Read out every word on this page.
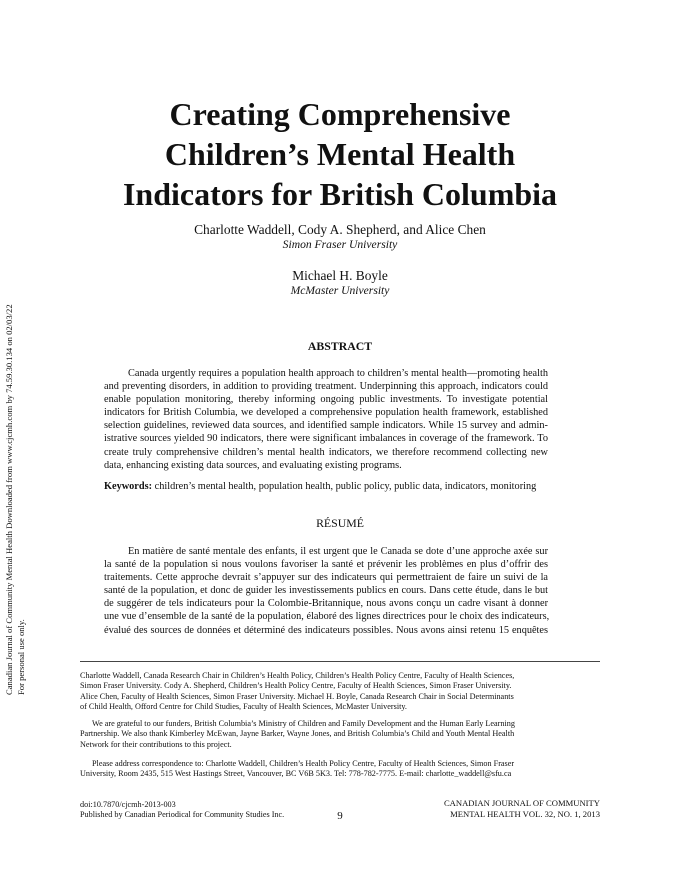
Canadian Journal of Community Mental Health Downloaded from www.cjcmh.com by 74.59.30.134 on 02/03/22 For personal use only.
Creating Comprehensive
Children’s Mental Health
Indicators for British Columbia
Charlotte Waddell, Cody A. Shepherd, and Alice Chen
Simon Fraser University
Michael H. Boyle
McMaster University
ABSTRACT

Canada urgently requires a population health approach to children’s mental health—promoting health
and preventing disorders, in addition to providing treatment. Underpinning this approach, indicators could
enable population monitoring, thereby informing ongoing public investments. To investigate potential
indicators for British Columbia, we developed a comprehensive population health framework, established
selection guidelines, reviewed data sources, and identified sample indicators. While 15 survey and admin-
istrative sources yielded 90 indicators, there were significant imbalances in coverage of the framework. To
create truly comprehensive children’s mental health indicators, we therefore recommend collecting new
data, enhancing existing data sources, and evaluating existing programs.

Keywords: children’s mental health, population health, public policy, public data, indicators, monitoring

RÉSUMÉ

En matière de santé mentale des enfants, il est urgent que le Canada se dote d’une approche axée sur
la santé de la population si nous voulons favoriser la santé et prévenir les problèmes en plus d’offrir des
traitements. Cette approche devrait s’appuyer sur des indicateurs qui permettraient de faire un suivi de la
santé de la population, et donc de guider les investissements publics en cours. Dans cette étude, dans le but
de suggérer de tels indicateurs pour la Colombie-Britannique, nous avons conçu un cadre visant à donner
une vue d’ensemble de la santé de la population, élaboré des lignes directrices pour le choix des indicateurs,
évalué des sources de données et déterminé des indicateurs possibles. Nous avons ainsi retenu 15 enquêtes

Charlotte Waddell, Canada Research Chair in Children’s Health Policy, Children’s Health Policy Centre, Faculty of Health Sciences,
Simon Fraser University. Cody A. Shepherd, Children’s Health Policy Centre, Faculty of Health Sciences, Simon Fraser University.
Alice Chen, Faculty of Health Sciences, Simon Fraser University. Michael H. Boyle, Canada Research Chair in Social Determinants
of Child Health, Offord Centre for Child Studies, Faculty of Health Sciences, McMaster University.

We are grateful to our funders, British Columbia’s Ministry of Children and Family Development and the Human Early Learning
Partnership. We also thank Kimberley McEwan, Jayne Barker, Wayne Jones, and British Columbia’s Child and Youth Mental Health
Network for their contributions to this project.

Please address correspondence to: Charlotte Waddell, Children’s Health Policy Centre, Faculty of Health Sciences, Simon Fraser
University, Room 2435, 515 West Hastings Street, Vancouver, BC V6B 5K3. Tel: 778-782-7775. E-mail: charlotte_waddell@sfu.ca

doi:10.7870/cjcmh-2013-003
Published by Canadian Periodical for Community Studies Inc.	9
CANADIAN JOURNAL OF COMMUNITY
MENTAL HEALTH VOL. 32, NO. 1, 2013
